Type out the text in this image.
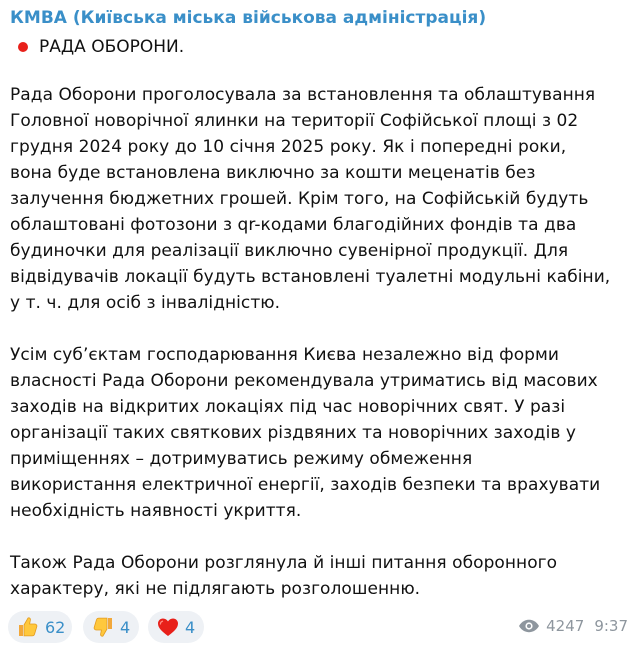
КМВА (Київська міська військова адміністрація)
РАДА ОБОРОНИ.
Рада Оборони проголосувала за встановлення та облаштування
Головної новорічної ялинки на території Софійської площі з 02
грудня 2024 року до 10 січня 2025 року. Як і попередні роки,
вона буде встановлена виключно за кошти меценатів без
залучення бюджетних грошей. Крім того, на Софійській будуть
облаштовані фотозони з qr-кодами благодійних фондів та два
будиночки для реалізації виключно сувенірної продукції. Для
відвідувачів локації будуть встановлені туалетні модульні кабіни,
у т. ч. для осіб з інвалідністю.
Усім суб’єктам господарювання Києва незалежно від форми
власності Рада Оборони рекомендувала утриматись від масових
заходів на відкритих локаціях під час новорічних свят. У разі
організації таких святкових різдвяних та новорічних заходів у
приміщеннях – дотримуватись режиму обмеження
використання електричної енергії, заходів безпеки та врахувати
необхідність наявності укриття.
Також Рада Оборони розглянула й інші питання оборонного
характеру, які не підлягають розголошенню.
62	4	4	4247 9:37
